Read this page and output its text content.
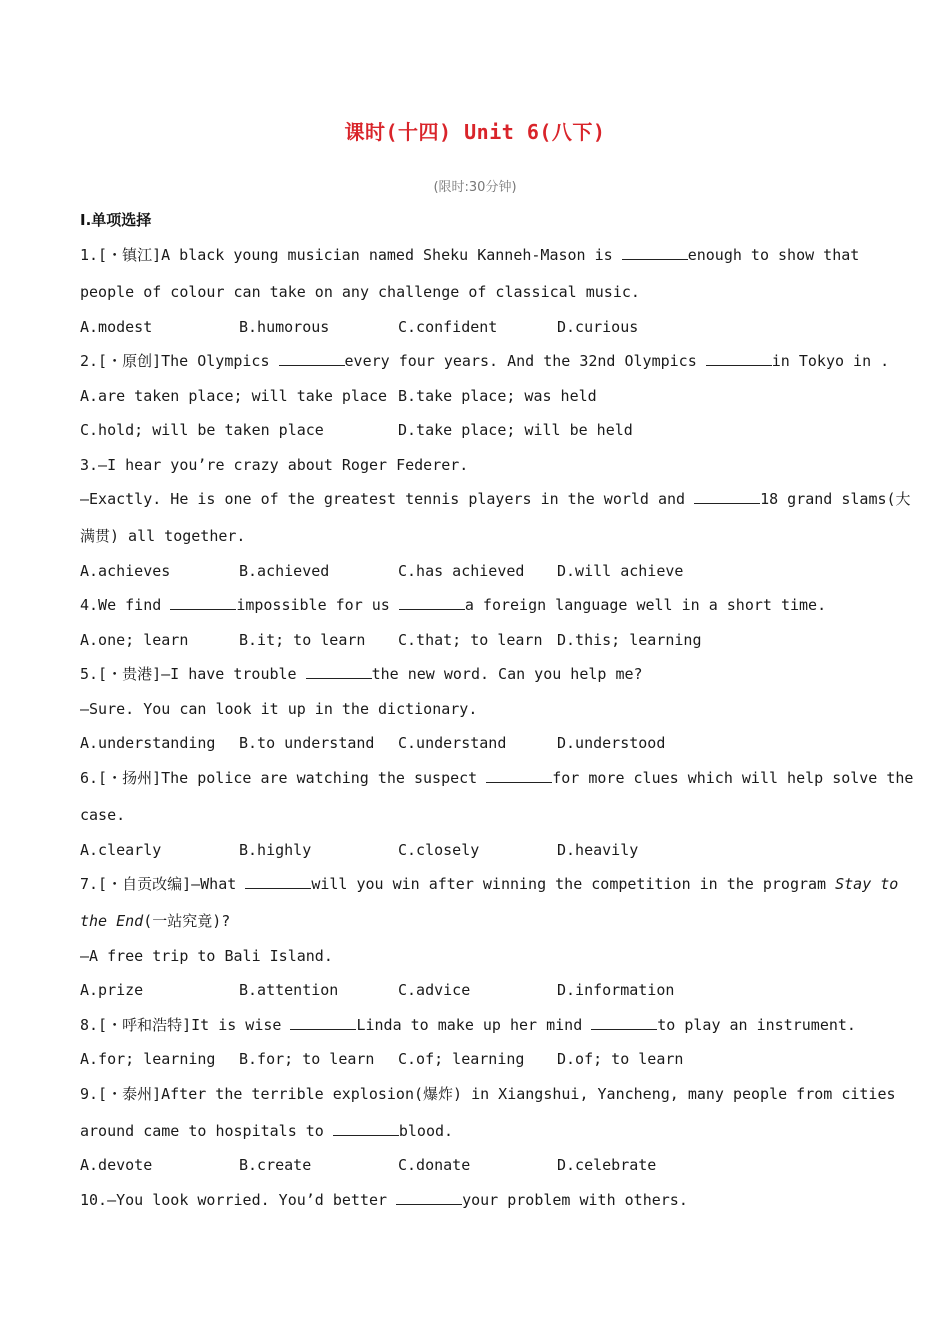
课时(十四) Unit 6(八下)
(限时:30分钟)
Ⅰ.单项选择
1.[・镇江]A black young musician named Sheku Kanneh-Mason is	enough to show that
people of colour can take on any challenge of classical music.
A.modest	B.humorous	C.confident	D.curious
2.[・原创]The Olympics	every four years. And the 32nd Olympics	in Tokyo in .
A.are taken place; will take place B.take place; was held
C.hold; will be taken place	D.take place; will be held
3.—I hear you’re crazy about Roger Federer.
—Exactly. He is one of the greatest tennis players in the world and	18 grand slams(大
满贯) all together.
A.achieves	B.achieved	C.has achieved D.will achieve
4.We find	impossible for us	a foreign language well in a short time.
A.one; learn	B.it; to learn C.that; to learn D.this; learning
5.[・贵港]—I have trouble	the new word. Can you help me?
—Sure. You can look it up in the dictionary.
A.understanding B.to understand C.understand	D.understood
6.[・扬州]The police are watching the suspect	for more clues which will help solve the
case.
A.clearly	B.highly	C.closely	D.heavily
7.[・自贡改编]—What	will you win after winning the competition in the program Stay to
the End(一站究竟)?
—A free trip to Bali Island.
A.prize	B.attention	C.advice	D.information
8.[・呼和浩特]It is wise	Linda to make up her mind	to play an instrument.
A.for; learning B.for; to learn C.of; learning D.of; to learn
9.[・泰州]After the terrible explosion(爆炸) in Xiangshui, Yancheng, many people from cities
around came to hospitals to	blood.
A.devote	B.create	C.donate	D.celebrate
10.—You look worried. You’d better	your problem with others.
